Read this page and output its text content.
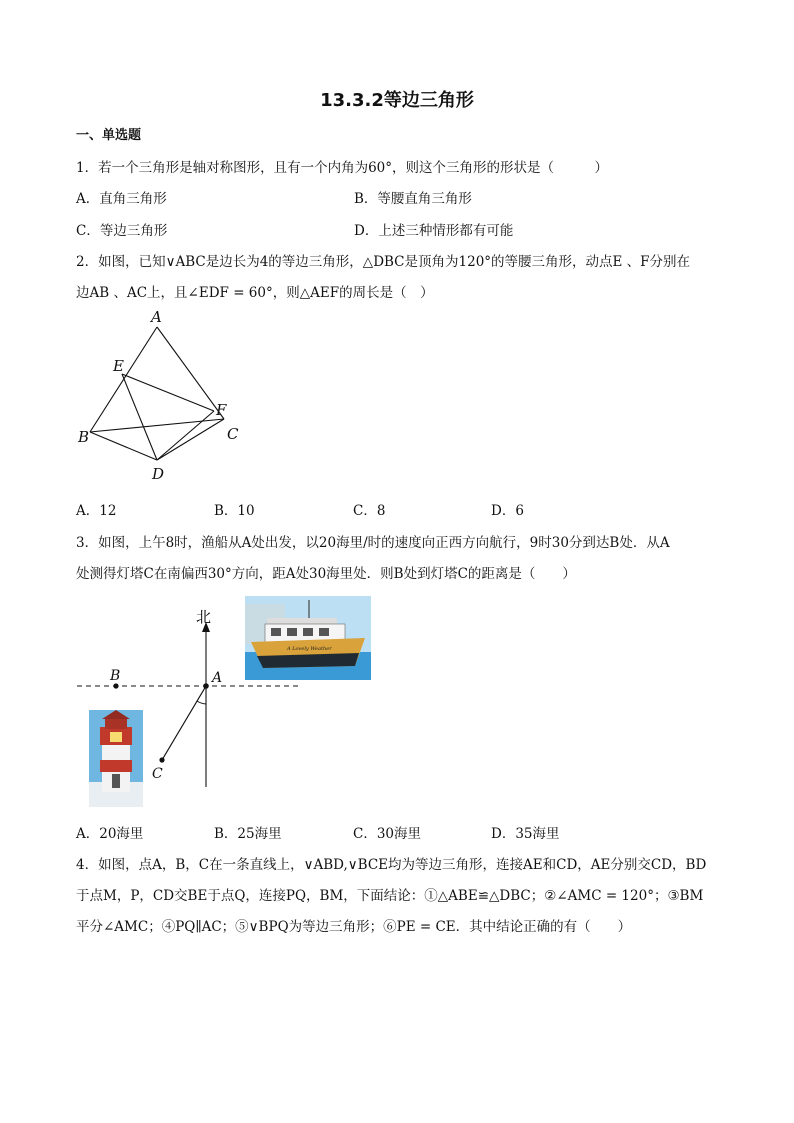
13.3.2等边三角形
一、单选题
1．若一个三角形是轴对称图形，且有一个内角为60°，则这个三角形的形状是（　　　）
A．直角三角形	B．等腰直角三角形
C．等边三角形	D．上述三种情形都有可能
2．如图，已知∨ABC是边长为4的等边三角形，△DBC是顶角为120°的等腰三角形，动点E 、F分别在
边AB 、AC上，且∠EDF = 60°，则△AEF的周长是（　）
A
B	C
D
E
F
A．12	B．10	C．8	D．6
3．如图，上午8时，渔船从A处出发，以20海里/时的速度向正西方向航行，9时30分到达B处．从A
处测得灯塔C在南偏西30°方向，距A处30海里处．则B处到灯塔C的距离是（　　）
北
B	A
C
A Lovely Weather
A．20海里	B．25海里	C．30海里	D．35海里
4．如图，点A，B，C在一条直线上，∨ABD,∨BCE均为等边三角形，连接AE和CD，AE分别交CD，BD
于点M，P，CD交BE于点Q，连接PQ，BM，下面结论：①△ABE≌△DBC；②∠AMC = 120°；③BM
平分∠AMC；④PQ∥AC；⑤∨BPQ为等边三角形；⑥PE = CE．其中结论正确的有（　　）
